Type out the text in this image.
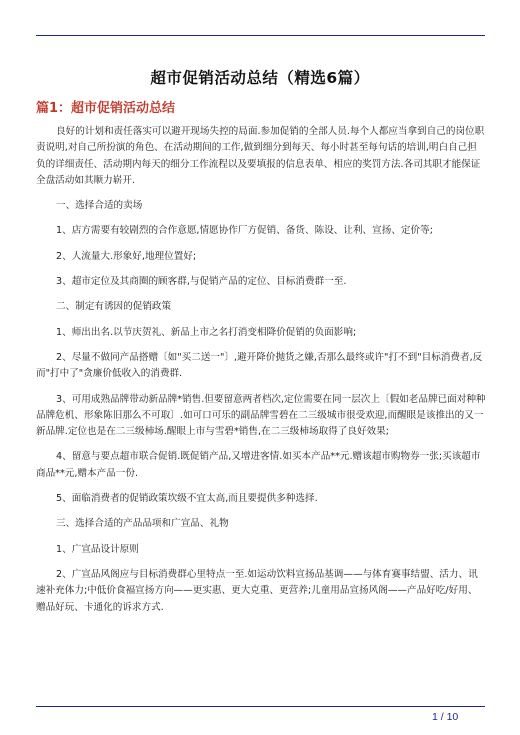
超市促销活动总结（精选6篇）
篇1：超市促销活动总结

良好的计划和责任落实可以避开现场失控的局面.参加促销的全部人员.每个人都应当拿到自己的岗位职责说明,对自己所扮演的角色、在活动期间的工作,做到细分到每天、每小时甚至每句话的培训,明白自己担负的详细责任、活动期内每天的细分工作流程以及要填报的信息表单、相应的奖罚方法.各司其职才能保证全盘活动如其顺力崭开.

一、选择合适的卖场

1、店方需要有较剧烈的合作意愿,情愿协作厂方促销、备货、陈设、让利、宣扬、定价等;

2、人流量大.形象好,地理位置好;

3、超市定位及其商圈的顾客群,与促销产品的定位、目标消费群一至.

二、制定有诱因的促销政策

1、师出出名.以节庆贺礼、新品上市之名打消变相降价促销的负面影响;

2、尽量不做同产品搭赠〔如"买二送一"〕,避开降价抛货之嫌,否那么最终或许"打不到"目标消费者,反而"打中了"贪廉价低收入的消费群.

3、可用成熟品牌带动新品牌*销售.但要留意两者档次,定位需要在同一层次上〔假如老品牌已面对种种品牌危机、形象陈旧那么不可取〕.如可口可乐的副品牌雪碧在二三级城市很受欢迎,而醒眼是该推出的又一新品牌.定位也是在二三级杮场.醒眼上市与雪碧*销售,在二三级杮场取得了良好效果;

4、留意与要点超市联合促销.既促销产品,又增进客情.如买本产品**元.赠该超市购物券一张;买该超市商品**元,赠本产品一份.

5、面临消费者的促销政策坎级不宜太高,而且要提供多种选择.

三、选择合适的产品品项和广宣品、礼物

1、广宣品设计原则

2、广宣品风阁应与目标消费群心里特点一至.如运动饮料宣扬品基调——与体育赛事结盟、活力、讯速补充体力;中低价食褔宣扬方向——更实惠、更大克重、更营养;儿童用品宣扬风阁——产品好吃/好用、赠品好玩、卡通化的诉求方式.

1 / 10
